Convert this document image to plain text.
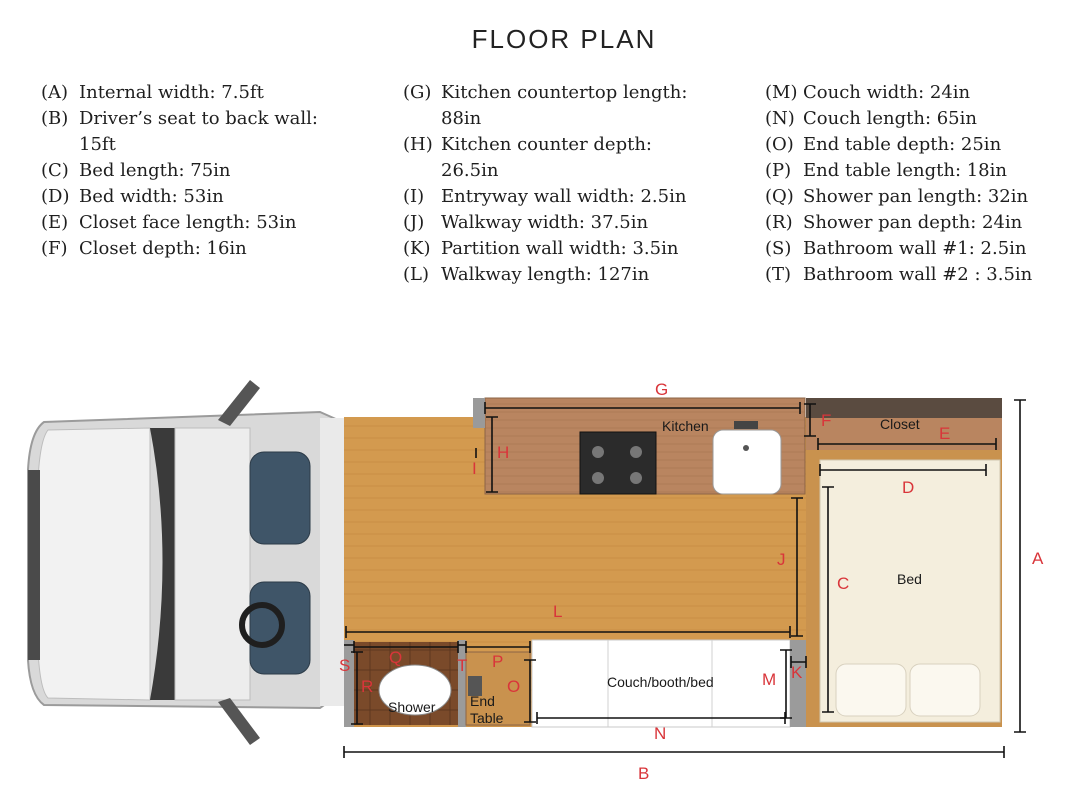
FLOOR PLAN
(A) Internal width: 7.5ft
(B) Driver’s seat to back wall:
15ft
(C) Bed length: 75in
(D) Bed width: 53in
(E) Closet face length: 53in
(F) Closet depth: 16in
(G) Kitchen countertop length:
88in
(H) Kitchen counter depth:
26.5in
(I) Entryway wall width: 2.5in
(J) Walkway width: 37.5in
(K) Partition wall width: 3.5in
(L) Walkway length: 127in
(M) Couch width: 24in
(N) Couch length: 65in
(O) End table depth: 25in
(P) End table length: 18in
(Q) Shower pan length: 32in
(R) Shower pan depth: 24in
(S) Bathroom wall #1: 2.5in
(T) Bathroom wall #2 : 3.5in
Kitchen	Closet
Bed
Couch/booth/bed
Shower End
Table
A
B
C
D
E
F
G
H
I
J
K
L
M
N
O
P
Q
R
S	T
